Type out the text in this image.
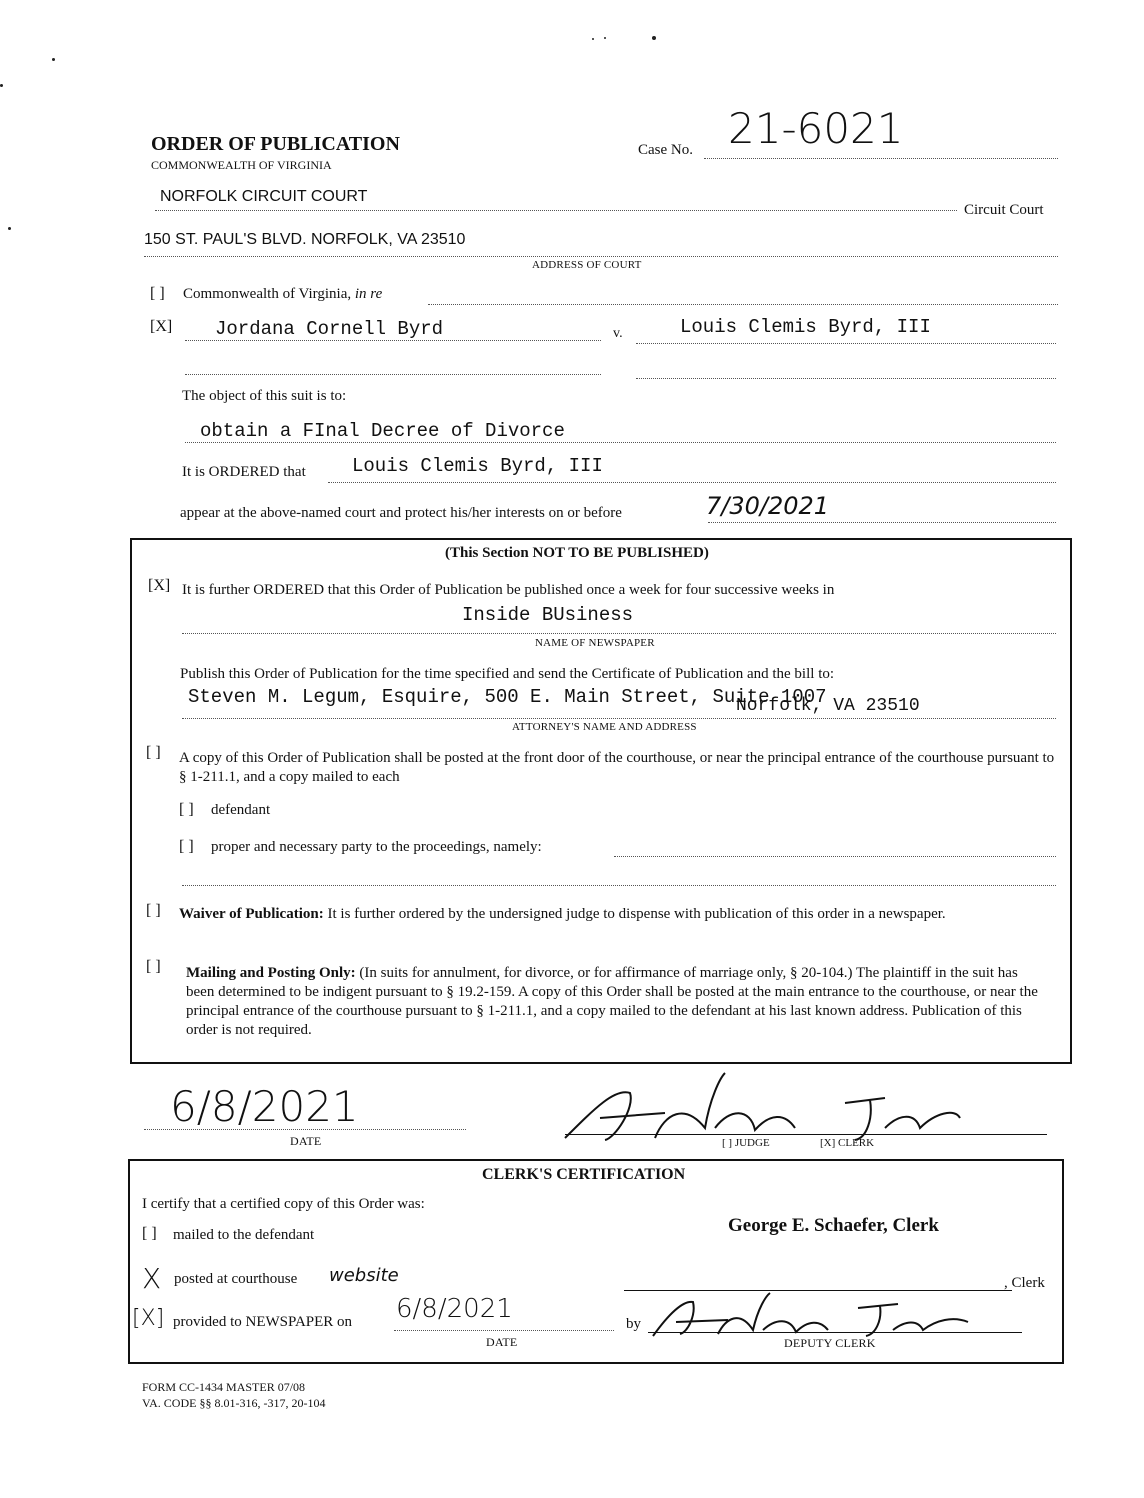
ORDER OF PUBLICATION
COMMONWEALTH OF VIRGINIA
Case No. 21-6021
NORFOLK CIRCUIT COURT
Circuit Court
150 ST. PAUL'S BLVD. NORFOLK, VA 23510
ADDRESS OF COURT
[ ] Commonwealth of Virginia, in re
[X] Jordana Cornell Byrd	v.	Louis Clemis Byrd, III
The object of this suit is to:
obtain a FInal Decree of Divorce
It is ORDERED that Louis Clemis Byrd, III
appear at the above-named court and protect his/her interests on or before	7/30/2021
(This Section NOT TO BE PUBLISHED)
[X] It is further ORDERED that this Order of Publication be published once a week for four successive weeks in
Inside BUsiness
NAME OF NEWSPAPER
Publish this Order of Publication for the time specified and send the Certificate of Publication and the bill to:
Steven M. Legum, Esquire, 500 E. Main Street, Suite 1007
Norfolk, VA 23510
ATTORNEY'S NAME AND ADDRESS
[ ] A copy of this Order of Publication shall be posted at the front door of the courthouse, or near the principal entrance of the courthouse pursuant to § 1-211.1, and a copy mailed to each
[ ] defendant
[ ] proper and necessary party to the proceedings, namely:
[ ] Waiver of Publication: It is further ordered by the undersigned judge to dispense with publication of this order in a newspaper.
[ ] Mailing and Posting Only: (In suits for annulment, for divorce, or for affirmance of marriage only, § 20-104.) The plaintiff in the suit has been determined to be indigent pursuant to § 19.2-159. A copy of this Order shall be posted at the main entrance to the courthouse, or near the principal entrance of the courthouse pursuant to § 1-211.1, and a copy mailed to the defendant at his last known address. Publication of this order is not required.
6/8/2021
DATE	[ ] JUDGE	[X] CLERK
CLERK'S CERTIFICATION
I certify that a certified copy of this Order was:
[ ] mailed to the defendant	George E. Schaefer, Clerk
X posted at courthouse website	, Clerk
[X] provided to NEWSPAPER on 6/8/2021
DATE
by
DEPUTY CLERK
FORM CC-1434 MASTER 07/08
VA. CODE §§ 8.01-316, -317, 20-104
